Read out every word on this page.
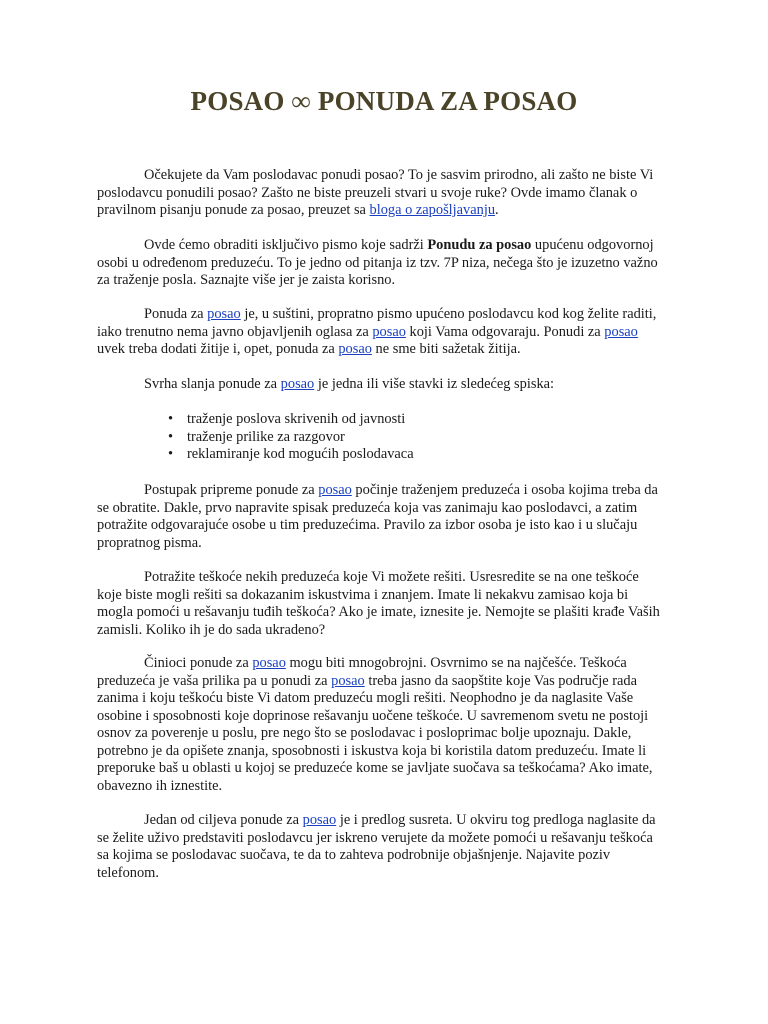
POSAO ∞ PONUDA ZA POSAO

Očekujete da Vam poslodavac ponudi posao? To je sasvim prirodno, ali zašto ne biste Vi poslodavcu ponudili posao? Zašto ne biste preuzeli stvari u svoje ruke? Ovde imamo članak o pravilnom pisanju ponude za posao, preuzet sa bloga o zapošljavanju.

Ovde ćemo obraditi isključivo pismo koje sadrži Ponudu za posao upućenu odgovornoj osobi u određenom preduzeću. To je jedno od pitanja iz tzv. 7P niza, nečega što je izuzetno važno za traženje posla. Saznajte više jer je zaista korisno.

Ponuda za posao je, u suštini, propratno pismo upućeno poslodavcu kod kog želite raditi, iako trenutno nema javno objavljenih oglasa za posao koji Vama odgovaraju. Ponudi za posao uvek treba dodati žitije i, opet, ponuda za posao ne sme biti sažetak žitija.

Svrha slanja ponude za posao je jedna ili više stavki iz sledećeg spiska:

• traženje poslova skrivenih od javnosti
• traženje prilike za razgovor
• reklamiranje kod mogućih poslodavaca

Postupak pripreme ponude za posao počinje traženjem preduzeća i osoba kojima treba da se obratite. Dakle, prvo napravite spisak preduzeća koja vas zanimaju kao poslodavci, a zatim potražite odgovarajuće osobe u tim preduzećima. Pravilo za izbor osoba je isto kao i u slučaju propratnog pisma.

Potražite teškoće nekih preduzeća koje Vi možete rešiti. Usresredite se na one teškoće koje biste mogli rešiti sa dokazanim iskustvima i znanjem. Imate li nekakvu zamisao koja bi mogla pomoći u rešavanju tuđih teškoća? Ako je imate, iznesite je. Nemojte se plašiti krađe Vaših zamisli. Koliko ih je do sada ukradeno?

Činioci ponude za posao mogu biti mnogobrojni. Osvrnimo se na najčešće. Teškoća preduzeća je vaša prilika pa u ponudi za posao treba jasno da saopštite koje Vas područje rada zanima i koju teškoću biste Vi datom preduzeću mogli rešiti. Neophodno je da naglasite Vaše osobine i sposobnosti koje doprinose rešavanju uočene teškoće. U savremenom svetu ne postoji osnov za poverenje u poslu, pre nego što se poslodavac i posloprimac bolje upoznaju. Dakle, potrebno je da opišete znanja, sposobnosti i iskustva koja bi koristila datom preduzeću. Imate li preporuke baš u oblasti u kojoj se preduzeće kome se javljate suočava sa teškoćama? Ako imate, obavezno ih iznestite.

Jedan od ciljeva ponude za posao je i predlog susreta. U okviru tog predloga naglasite da se želite uživo predstaviti poslodavcu jer iskreno verujete da možete pomoći u rešavanju teškoća sa kojima se poslodavac suočava, te da to zahteva podrobnije objašnjenje. Najavite poziv telefonom.
